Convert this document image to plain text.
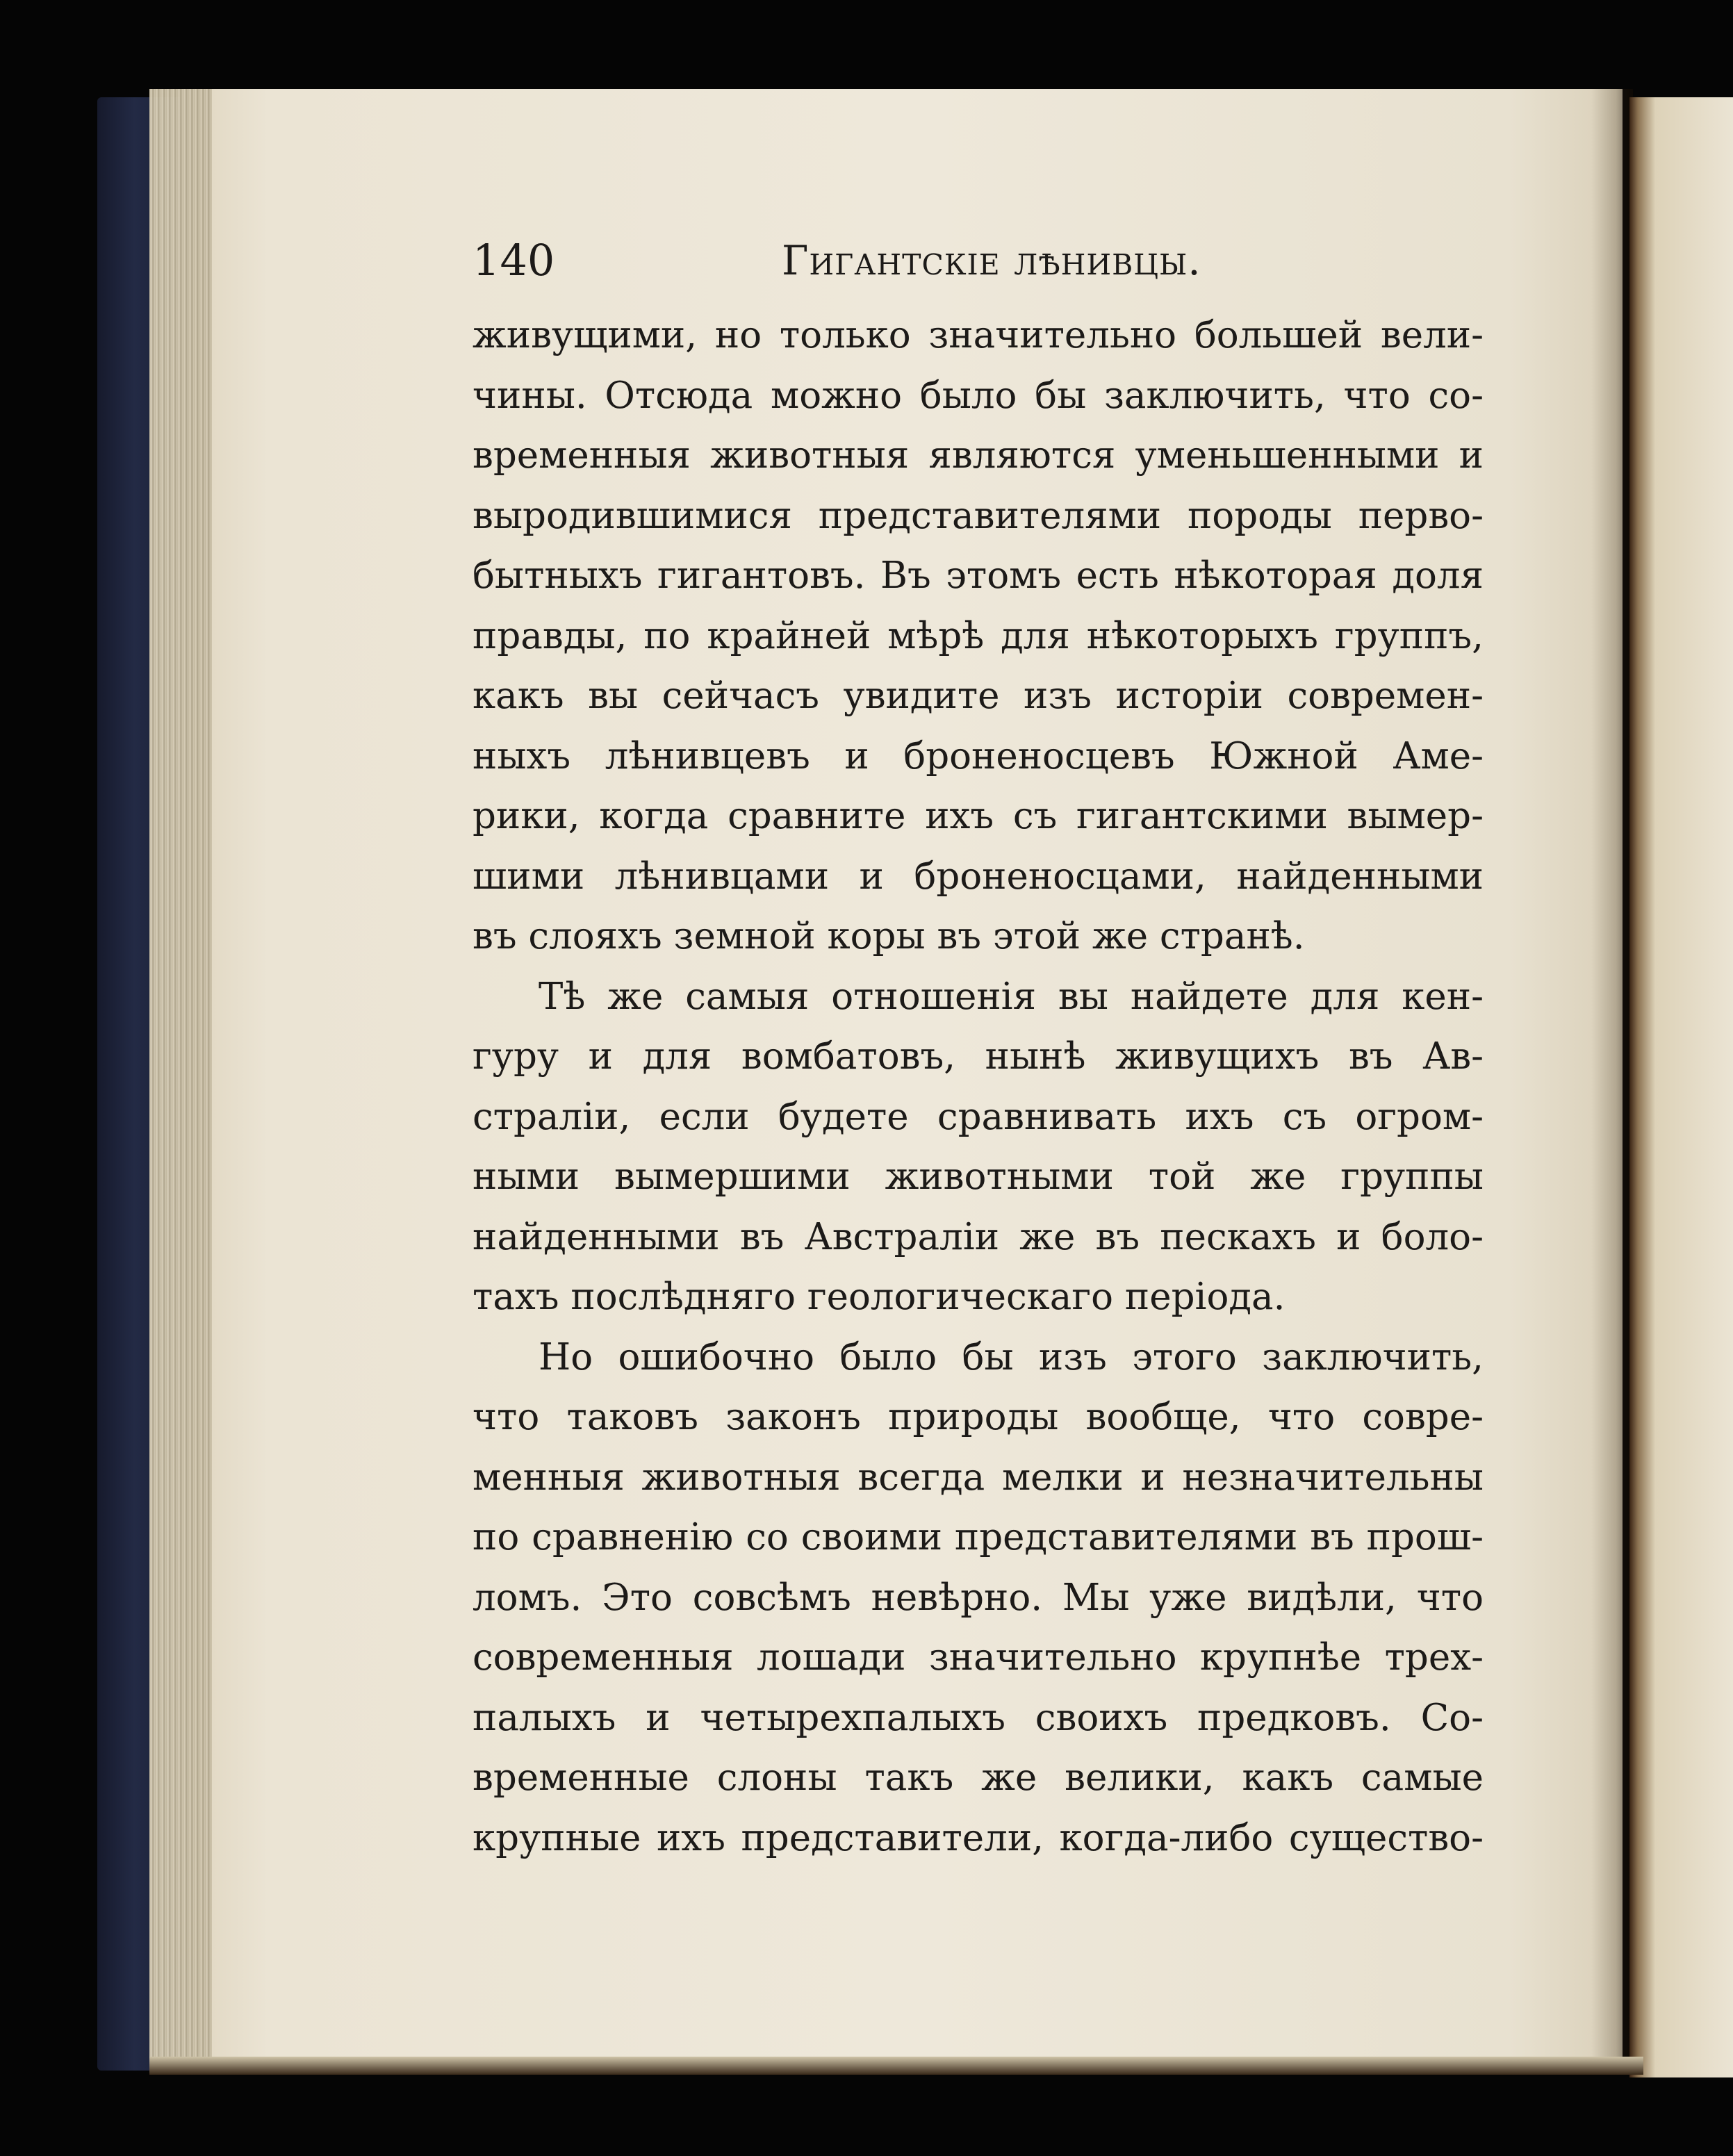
140	Гигантскіе лѣнивцы.
живущими, но только значительно большей вели-
чины. Отсюда можно было бы заключить, что со-
временныя животныя являются уменьшенными и
выродившимися представителями породы перво-
бытныхъ гигантовъ. Въ этомъ есть нѣкоторая доля
правды, по крайней мѣрѣ для нѣкоторыхъ группъ,
какъ вы сейчасъ увидите изъ исторіи современ-
ныхъ лѣнивцевъ и броненосцевъ Южной Аме-
рики, когда сравните ихъ съ гигантскими вымер-
шими лѣнивцами и броненосцами, найденными
въ слояхъ земной коры въ этой же странѣ.
Тѣ же самыя отношенія вы найдете для кен-
гуру и для вомбатовъ, нынѣ живущихъ въ Ав-
страліи, если будете сравнивать ихъ съ огром-
ными вымершими животными той же группы
найденными въ Австраліи же въ пескахъ и боло-
тахъ послѣдняго геологическаго періода.
Но ошибочно было бы изъ этого заключить,
что таковъ законъ природы вообще, что совре-
менныя животныя всегда мелки и незначительны
по сравненію со своими представителями въ прош-
ломъ. Это совсѣмъ невѣрно. Мы уже видѣли, что
современныя лошади значительно крупнѣе трех-
палыхъ и четырехпалыхъ своихъ предковъ. Со-
временные слоны такъ же велики, какъ самые
крупные ихъ представители, когда-либо существо-
